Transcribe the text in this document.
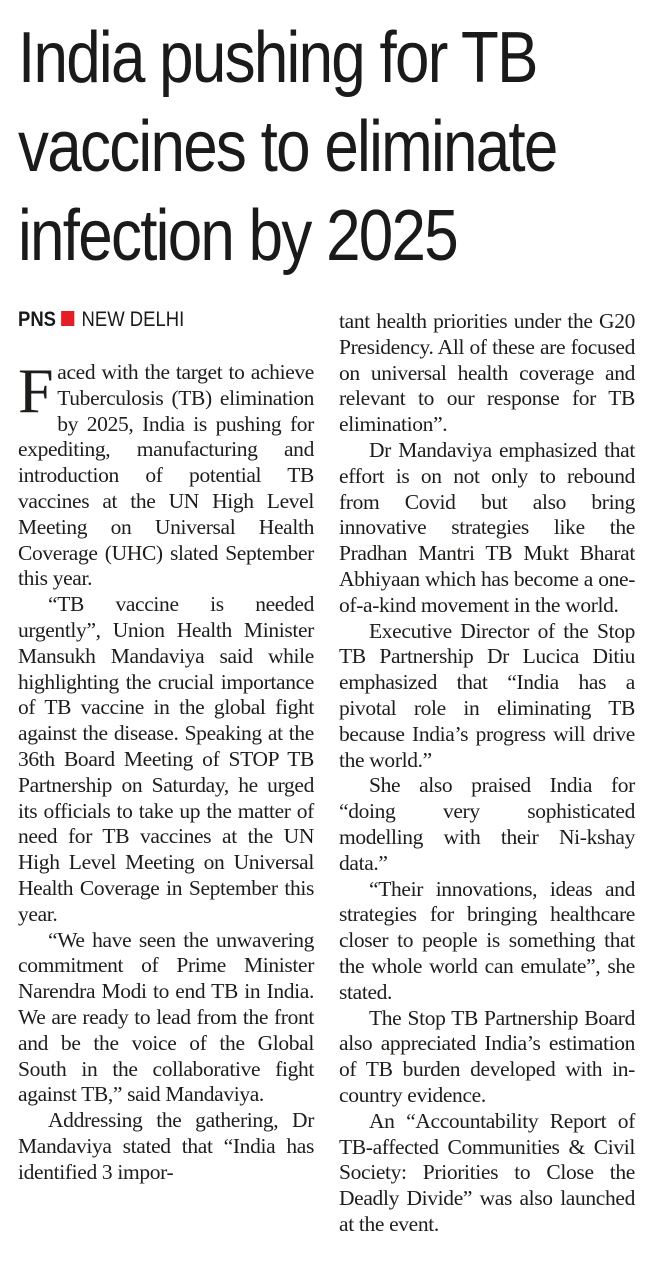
India pushing for TB
vaccines to eliminate
infection by 2025
PNS NEW DELHI

Faced with the target to achieve Tuberculosis (TB) elimination by 2025, India is pushing for expediting, manufacturing and introduction of potential TB vaccines at the UN High Level Meeting on Universal Health Coverage (UHC) slated September this year.

“TB vaccine is needed urgently”, Union Health Minister Mansukh Mandaviya said while highlighting the crucial importance of TB vaccine in the global fight against the disease. Speaking at the 36th Board Meeting of STOP TB Partnership on Saturday, he urged its officials to take up the matter of need for TB vaccines at the UN High Level Meeting on Universal Health Coverage in September this year.

“We have seen the unwavering commitment of Prime Minister Narendra Modi to end TB in India. We are ready to lead from the front and be the voice of the Global South in the collaborative fight against TB,” said Mandaviya.

Addressing the gathering, Dr Mandaviya stated that “India has identified 3 impor-

tant health priorities under the G20 Presidency. All of these are focused on universal health coverage and relevant to our response for TB elimination”.

Dr Mandaviya emphasized that effort is on not only to rebound from Covid but also bring innovative strategies like the Pradhan Mantri TB Mukt Bharat Abhiyaan which has become a one-of-a-kind movement in the world.

Executive Director of the Stop TB Partnership Dr Lucica Ditiu emphasized that “India has a pivotal role in eliminating TB because India’s progress will drive the world.”

She also praised India for “doing very sophisticated modelling with their Ni-kshay data.”

“Their innovations, ideas and strategies for bringing healthcare closer to people is something that the whole world can emulate”, she stated.

The Stop TB Partnership Board also appreciated India’s estimation of TB burden developed with in-country evidence.

An “Accountability Report of TB-affected Communities & Civil Society: Priorities to Close the Deadly Divide” was also launched at the event.
